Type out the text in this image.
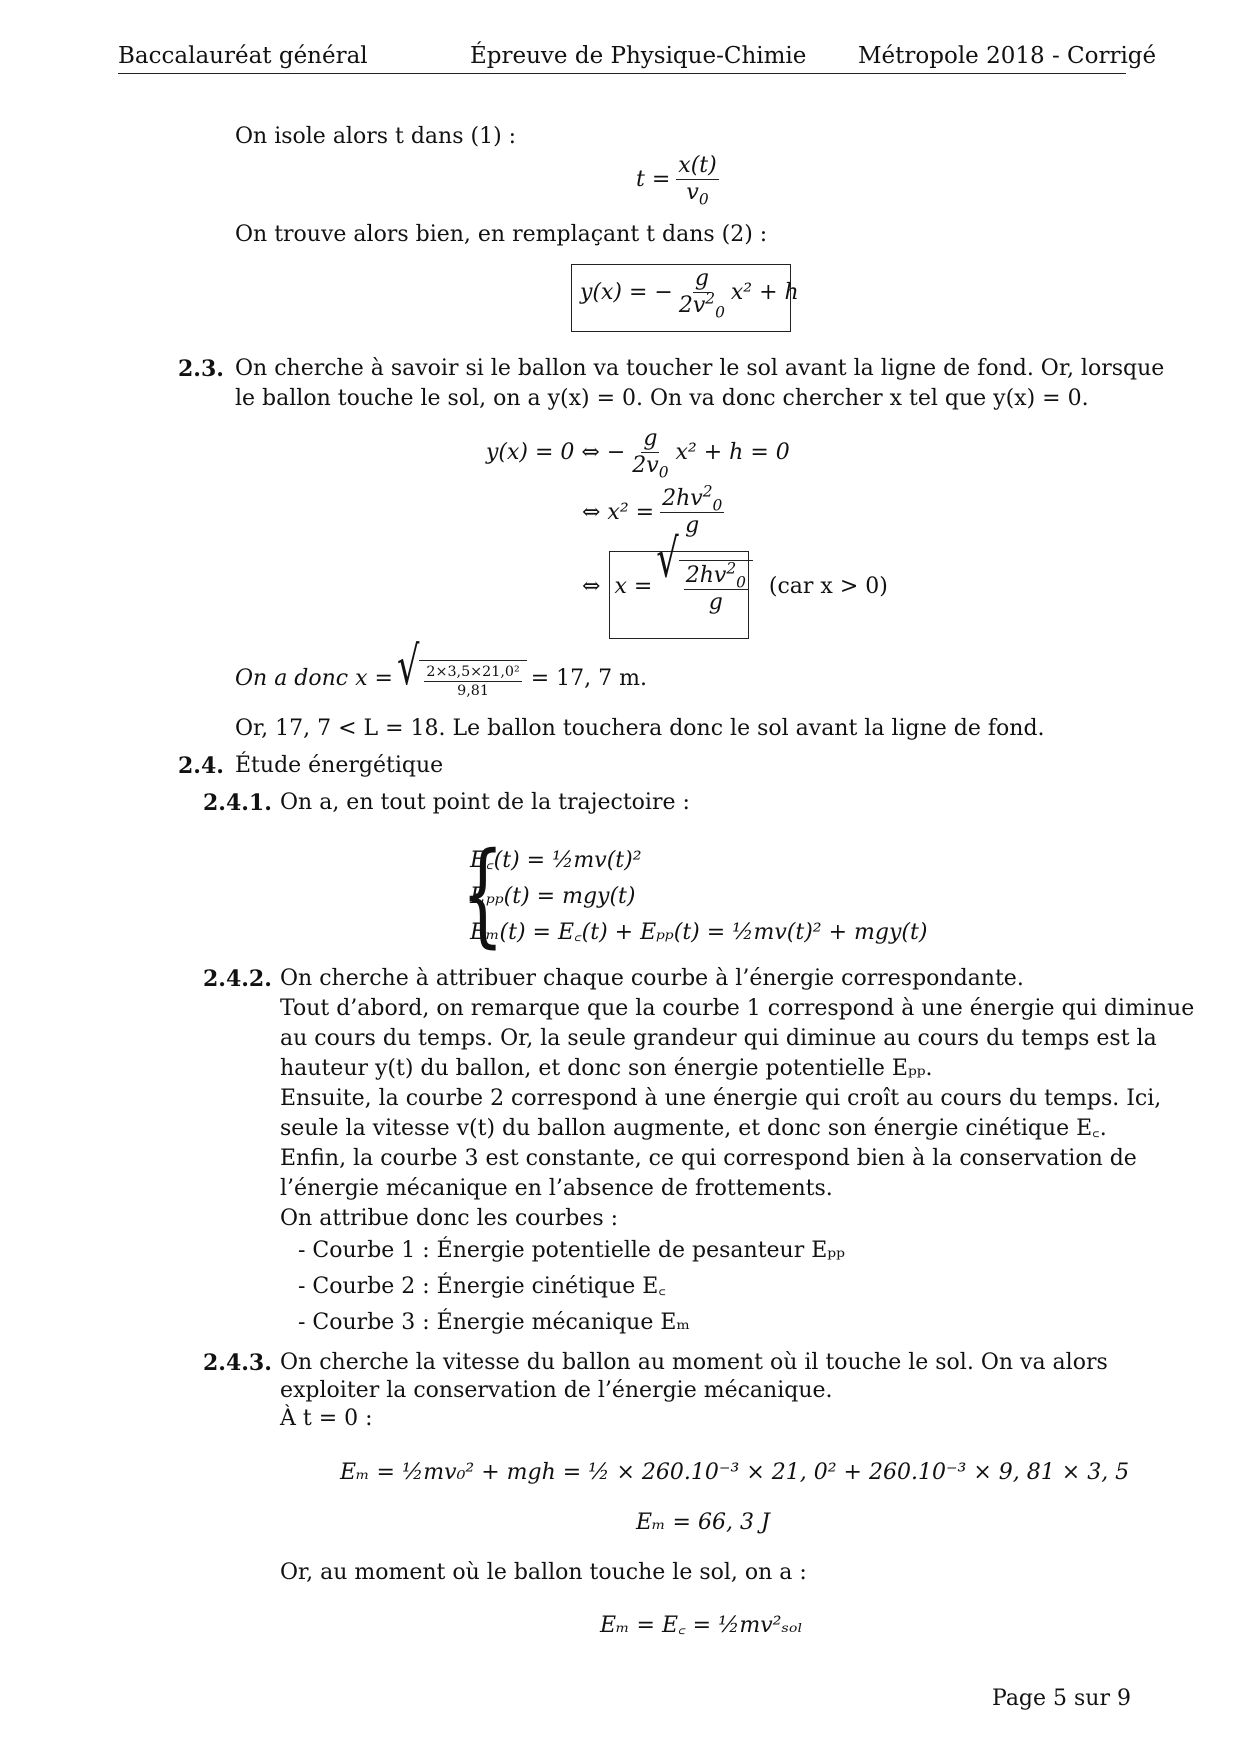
Baccalauréat général	Épreuve de Physique-Chimie Métropole 2018 - Corrigé
On isole alors t dans (1) :
$t = \frac{x(t)}{v_0}$
On trouve alors bien, en remplaçant t dans (2) :
y(x) = − $\frac{g}{2v^2_0} x^2 + h$
2.3. On cherche à savoir si le ballon va toucher le sol avant la ligne de fond. Or, lorsque
le ballon touche le sol, on a y(x) = 0. On va donc chercher x tel que y(x) = 0.
y(x) = 0 ⇔ − $\frac{g}{2v_0} x^2 + h = 0$
⇔ $x^2 = \frac{2hv^2_0}{g}$
⇔ x = √ $\frac{2hv^2_0}{g} (car$ x > 0)
On a donc x = √ $\frac{\text{2×3,5×21,0²}}{9,81} = 17$, 7 m.
Or, 17, 7 < L = 18. Le ballon touchera donc le sol avant la ligne de fond.
2.4. Étude énergétique
2.4.1. On a, en tout point de la trajectoire :
{
E꜀(t) = ½mv(t)²
Eₚₚ(t) = mgy(t)
Eₘ(t) = E꜀(t) + Eₚₚ(t) = ½mv(t)² + mgy(t)
2.4.2. On cherche à attribuer chaque courbe à l’énergie correspondante.
Tout d’abord, on remarque que la courbe 1 correspond à une énergie qui diminue
au cours du temps. Or, la seule grandeur qui diminue au cours du temps est la
hauteur y(t) du ballon, et donc son énergie potentielle Eₚₚ.
Ensuite, la courbe 2 correspond à une énergie qui croît au cours du temps. Ici,
seule la vitesse v(t) du ballon augmente, et donc son énergie cinétique E꜀.
Enfin, la courbe 3 est constante, ce qui correspond bien à la conservation de
l’énergie mécanique en l’absence de frottements.
On attribue donc les courbes :
- Courbe 1 : Énergie potentielle de pesanteur Eₚₚ
- Courbe 2 : Énergie cinétique E꜀
- Courbe 3 : Énergie mécanique Eₘ
2.4.3. On cherche la vitesse du ballon au moment où il touche le sol. On va alors
exploiter la conservation de l’énergie mécanique.
À t = 0 :
Eₘ = ½mv₀² + mgh = ½ × 260.10⁻³ × 21, 0² + 260.10⁻³ × 9, 81 × 3, 5
Eₘ = 66, 3 J
Or, au moment où le ballon touche le sol, on a :
Eₘ = E꜀ = ½mv²ₛₒₗ
Page 5 sur 9
